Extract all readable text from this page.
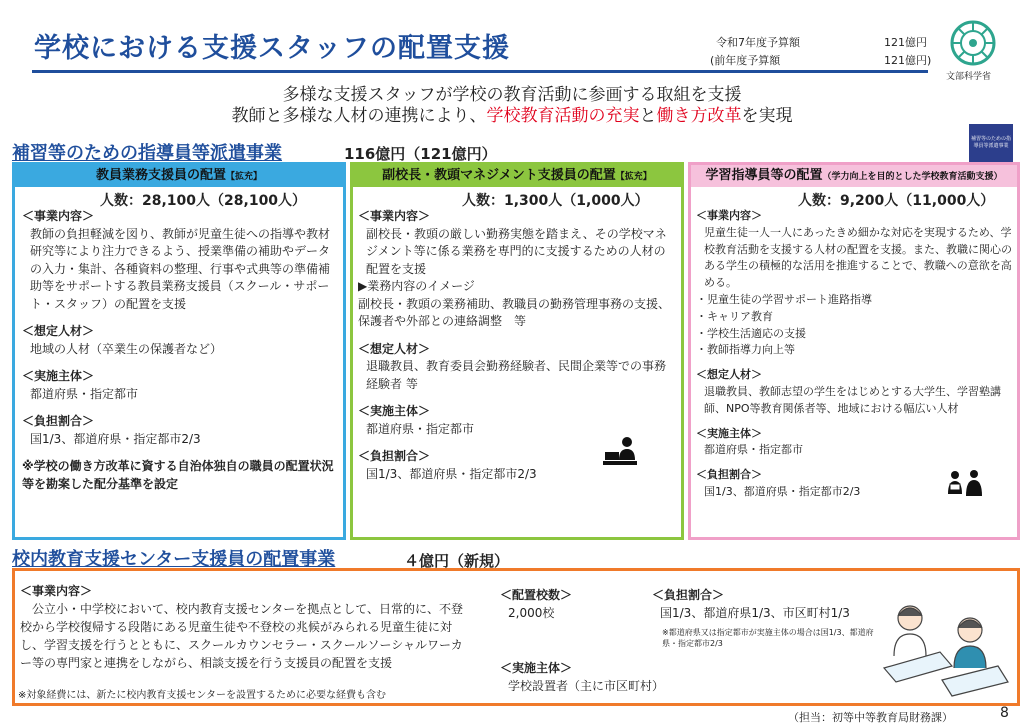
学校における支援スタッフの配置支援	令和7年度予算額	121億円
(前年度予算額	121億円)
文部科学省
多様な支援スタッフが学校の教育活動に参画する取組を支援
教師と多様な人材の連携により、学校教育活動の充実と働き方改革を実現
補習等のための指導員等派遣事業
補習等のための指導員等派遣事業	116億円（121億円）
教員業務支援員の配置【拡充】
人数：28,100人（28,100人）

＜事業内容＞

教師の負担軽減を図り、教師が児童生徒への指導や教材研究等により注力できるよう、授業準備の補助やデータの入力・集計、各種資料の整理、行事や式典等の準備補助等をサポートする教員業務支援員（スクール・サポート・スタッフ）の配置を支援

＜想定人材＞

地域の人材（卒業生の保護者など）

＜実施主体＞

都道府県・指定都市

＜負担割合＞

国1/3、都道府県・指定都市2/3

※学校の働き方改革に資する自治体独自の職員の配置状況等を勘案した配分基準を設定

副校長・教頭マネジメント支援員の配置【拡充】
人数：1,300人（1,000人）

＜事業内容＞

副校長・教頭の厳しい勤務実態を踏まえ、その学校マネジメント等に係る業務を専門的に支援するための人材の配置を支援

▶業務内容のイメージ

副校長・教頭の業務補助、教職員の勤務管理事務の支援、保護者や外部との連絡調整　等

＜想定人材＞

退職教員、教育委員会勤務経験者、民間企業等での事務経験者 等

＜実施主体＞

都道府県・指定都市

＜負担割合＞

国1/3、都道府県・指定都市2/3

学習指導員等の配置（学力向上を目的とした学校教育活動支援）
人数：9,200人（11,000人）

＜事業内容＞

児童生徒一人一人にあったきめ細かな対応を実現するため、学校教育活動を支援する人材の配置を支援。また、教職に関心のある学生の積極的な活用を推進することで、教職への意欲を高める。

・児童生徒の学習サポート進路指導

・キャリア教育

・学校生活適応の支援

・教師指導力向上等

＜想定人材＞

退職教員、教師志望の学生をはじめとする大学生、学習塾講師、NPO等教育関係者等、地域における幅広い人材

＜実施主体＞

都道府県・指定都市

＜負担割合＞

国1/3、都道府県・指定都市2/3

校内教育支援センター支援員の配置事業	４億円（新規）
＜事業内容＞
公立小・中学校において、校内教育支援センターを拠点として、日常的に、不登校から学校復帰する段階にある児童生徒や不登校の兆候がみられる児童生徒に対し、学習支援を行うとともに、スクールカウンセラー・スクールソーシャルワーカー等の専門家と連携をしながら、相談支援を行う支援員の配置を支援
※対象経費には、新たに校内教育支援センターを設置するために必要な経費も含む
＜配置校数＞
2,000校
＜実施主体＞
学校設置者（主に市区町村）
＜負担割合＞
国1/3、都道府県1/3、市区町村1/3
※都道府県又は指定都市が実施主体の場合は国1/3、都道府県・指定都市2/3
（担当：初等中等教育局財務課）	8
